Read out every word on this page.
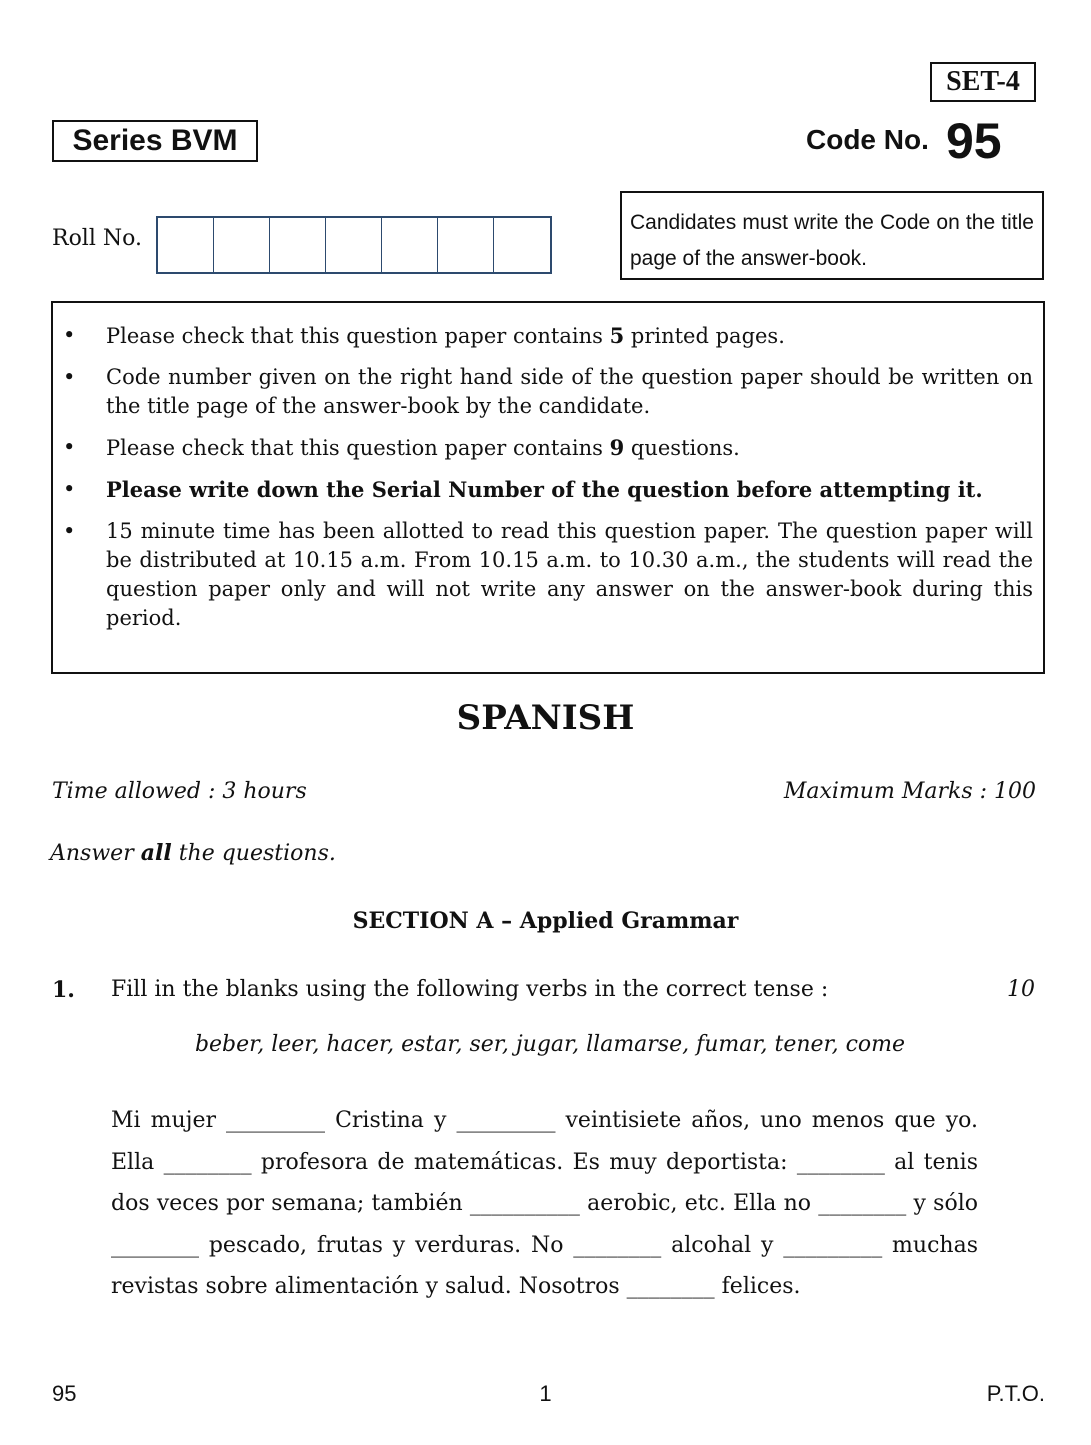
SET-4
Series BVM	Code No. 95
Roll No.
Candidates must write the Code on the title page of the answer-book.
• Please check that this question paper contains 5 printed pages.
• Code number given on the right hand side of the question paper should be written on the title page of the answer-book by the candidate.
• Please check that this question paper contains 9 questions.
• Please write down the Serial Number of the question before attempting it.
• 15 minute time has been allotted to read this question paper. The question paper will be distributed at 10.15 a.m. From 10.15 a.m. to 10.30 a.m., the students will read the question paper only and will not write any answer on the answer-book during this period.
SPANISH
Time allowed : 3 hours	Maximum Marks : 100
Answer all the questions.
SECTION A – Applied Grammar
1. Fill in the blanks using the following verbs in the correct tense :	10
beber, leer, hacer, estar, ser, jugar, llamarse, fumar, tener, come
Mi mujer _________ Cristina y _________ veintisiete años, uno menos que yo. Ella ________ profesora de matemáticas. Es muy deportista: ________ al tenis dos veces por semana; también __________ aerobic, etc. Ella no ________ y sólo ________ pescado, frutas y verduras. No ________ alcohal y _________ muchas revistas sobre alimentación y salud. Nosotros ________ felices.
95	1	P.T.O.
